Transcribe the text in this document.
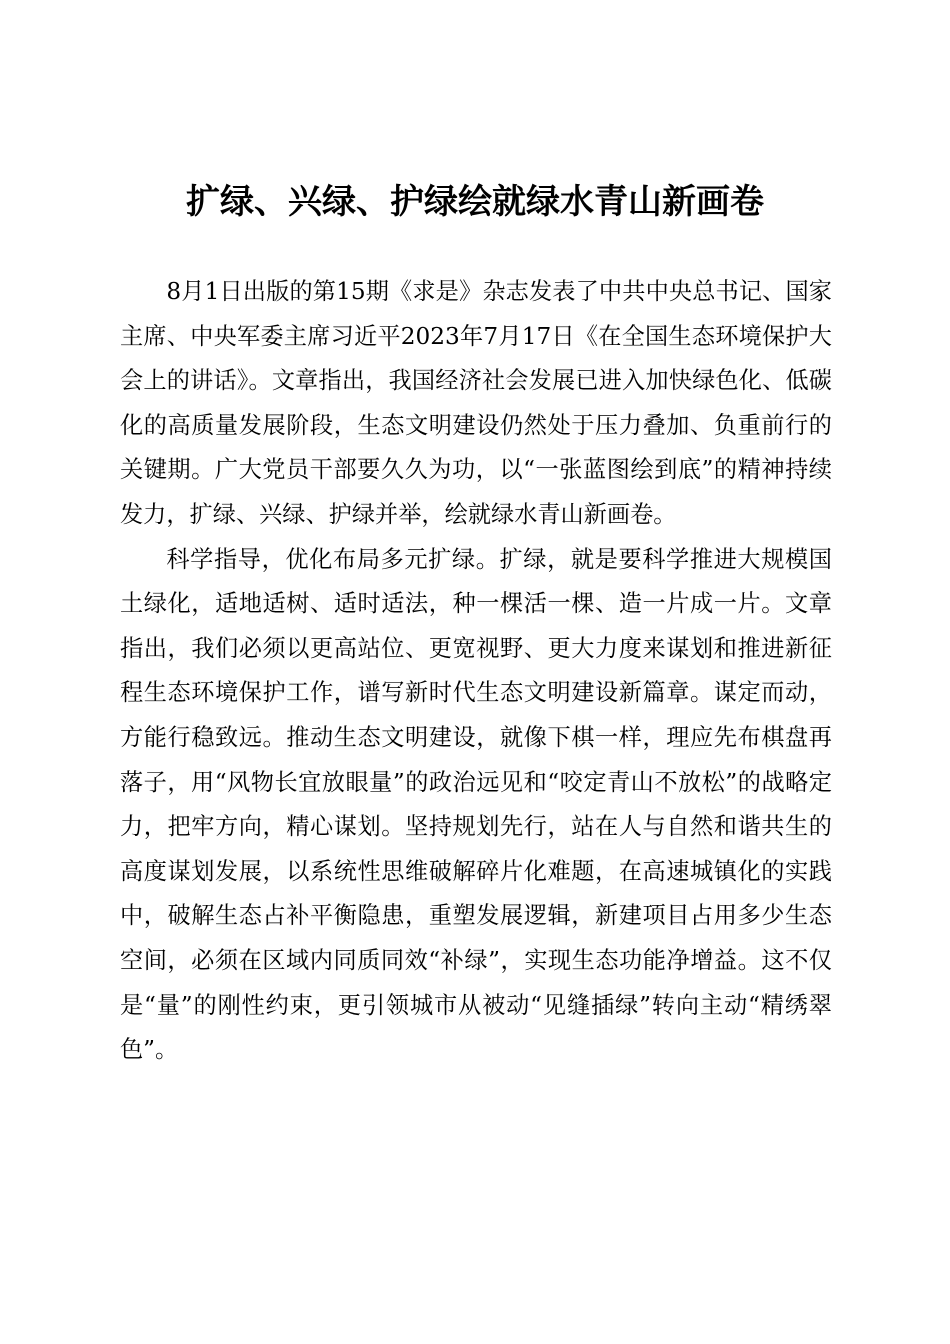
扩绿、兴绿、护绿绘就绿水青山新画卷

8月1日出版的第15期《求是》杂志发表了中共中央总书记、国家主席、中央军委主席习近平2023年7月17日《在全国生态环境保护大会上的讲话》。文章指出，我国经济社会发展已进入加快绿色化、低碳化的高质量发展阶段，生态文明建设仍然处于压力叠加、负重前行的关键期。广大党员干部要久久为功，以“一张蓝图绘到底”的精神持续发力，扩绿、兴绿、护绿并举，绘就绿水青山新画卷。

科学指导，优化布局多元扩绿。扩绿，就是要科学推进大规模国土绿化，适地适树、适时适法，种一棵活一棵、造一片成一片。文章指出，我们必须以更高站位、更宽视野、更大力度来谋划和推进新征程生态环境保护工作，谱写新时代生态文明建设新篇章。谋定而动，方能行稳致远。推动生态文明建设，就像下棋一样，理应先布棋盘再落子，用“风物长宜放眼量”的政治远见和“咬定青山不放松”的战略定力，把牢方向，精心谋划。坚持规划先行，站在人与自然和谐共生的高度谋划发展，以系统性思维破解碎片化难题，在高速城镇化的实践中，破解生态占补平衡隐患，重塑发展逻辑，新建项目占用多少生态空间，必须在区域内同质同效“补绿”，实现生态功能净增益。这不仅是“量”的刚性约束，更引领城市从被动“见缝插绿”转向主动“精绣翠色”。
